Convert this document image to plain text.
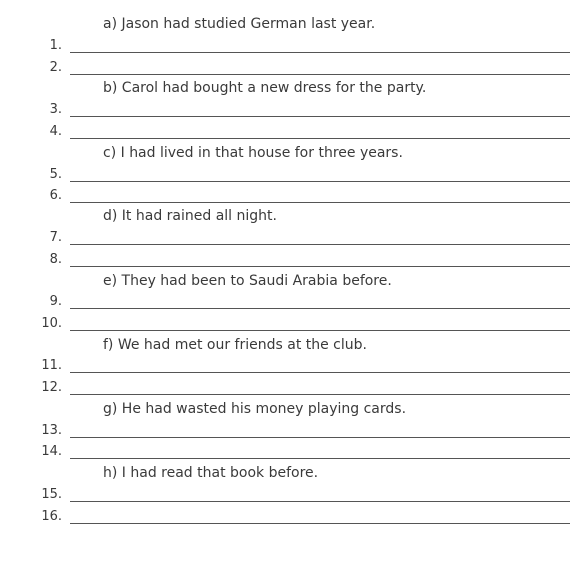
a) Jason had studied German last year.
1.
2.
b) Carol had bought a new dress for the party.
3.
4.
c) I had lived in that house for three years.
5.
6.
d) It had rained all night.
7.
8.
e) They had been to Saudi Arabia before.
9.
10.
f) We had met our friends at the club.
11.
12.
g) He had wasted his money playing cards.
13.
14.
h) I had read that book before.
15.
16.
